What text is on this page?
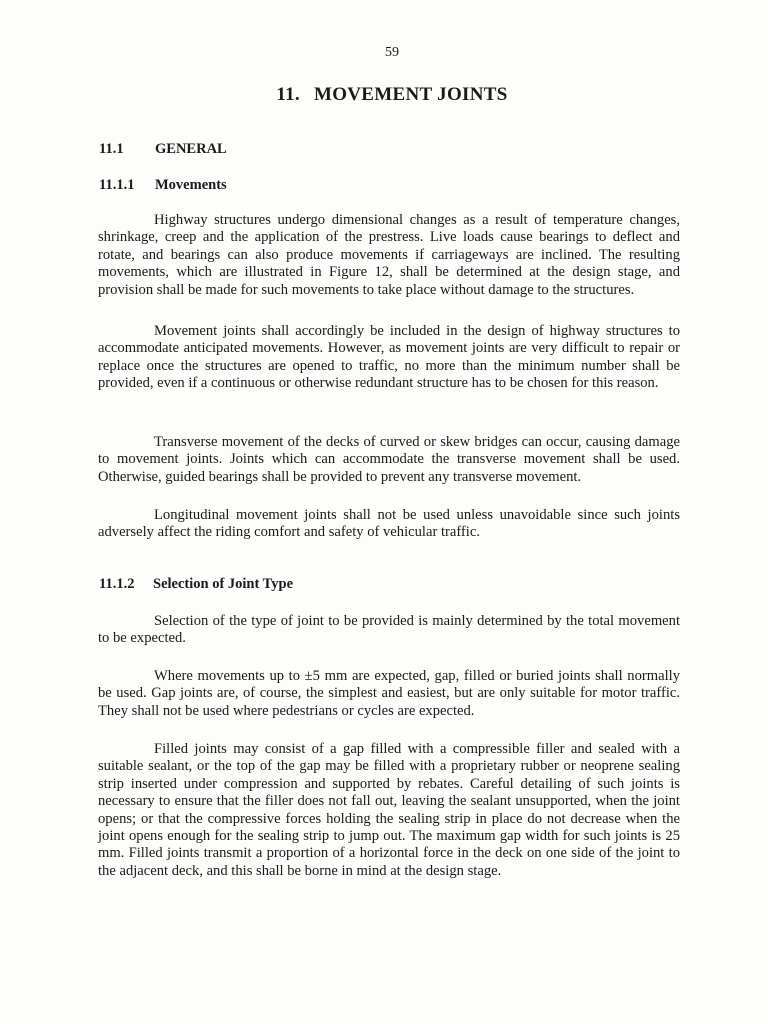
59
11. MOVEMENT JOINTS
11.1 GENERAL
11.1.1 Movements

Highway structures undergo dimensional changes as a result of temperature changes, shrinkage, creep and the application of the prestress. Live loads cause bearings to deflect and rotate, and bearings can also produce movements if carriageways are inclined. The resulting movements, which are illustrated in Figure 12, shall be determined at the design stage, and provision shall be made for such movements to take place without damage to the structures.

Movement joints shall accordingly be included in the design of highway structures to accommodate anticipated movements. However, as movement joints are very difficult to repair or replace once the structures are opened to traffic, no more than the minimum number shall be provided, even if a continuous or otherwise redundant structure has to be chosen for this reason.

Transverse movement of the decks of curved or skew bridges can occur, causing damage to movement joints. Joints which can accommodate the transverse movement shall be used. Otherwise, guided bearings shall be provided to prevent any transverse movement.

Longitudinal movement joints shall not be used unless unavoidable since such joints adversely affect the riding comfort and safety of vehicular traffic.

11.1.2 Selection of Joint Type

Selection of the type of joint to be provided is mainly determined by the total movement to be expected.

Where movements up to ±5 mm are expected, gap, filled or buried joints shall normally be used. Gap joints are, of course, the simplest and easiest, but are only suitable for motor traffic. They shall not be used where pedestrians or cycles are expected.

Filled joints may consist of a gap filled with a compressible filler and sealed with a suitable sealant, or the top of the gap may be filled with a proprietary rubber or neoprene sealing strip inserted under compression and supported by rebates. Careful detailing of such joints is necessary to ensure that the filler does not fall out, leaving the sealant unsupported, when the joint opens; or that the compressive forces holding the sealing strip in place do not decrease when the joint opens enough for the sealing strip to jump out. The maximum gap width for such joints is 25 mm. Filled joints transmit a proportion of a horizontal force in the deck on one side of the joint to the adjacent deck, and this shall be borne in mind at the design stage.
